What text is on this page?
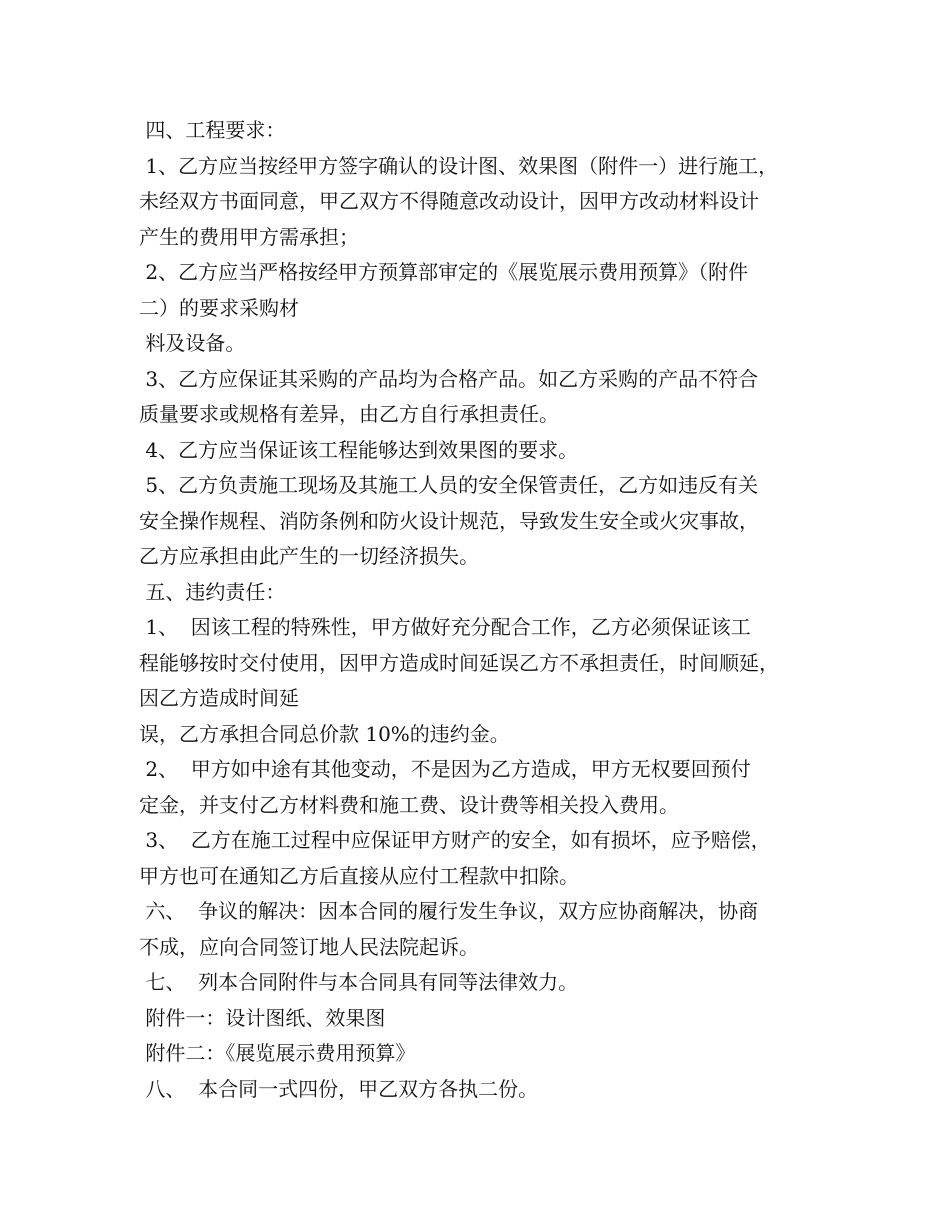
四、工程要求：
1、乙方应当按经甲方签字确认的设计图、效果图（附件一）进行施工，
未经双方书面同意，甲乙双方不得随意改动设计，因甲方改动材料设计
产生的费用甲方需承担；
2、乙方应当严格按经甲方预算部审定的《展览展示费用预算》（附件
二）的要求采购材
料及设备。
3、乙方应保证其采购的产品均为合格产品。如乙方采购的产品不符合
质量要求或规格有差异，由乙方自行承担责任。
4、乙方应当保证该工程能够达到效果图的要求。
5、乙方负责施工现场及其施工人员的安全保管责任，乙方如违反有关
安全操作规程、消防条例和防火设计规范，导致发生安全或火灾事故，
乙方应承担由此产生的一切经济损失。
五、违约责任：
1、  因该工程的特殊性，甲方做好充分配合工作，乙方必须保证该工
程能够按时交付使用，因甲方造成时间延误乙方不承担责任，时间顺延，
因乙方造成时间延
误，乙方承担合同总价款 10%的违约金。
2、  甲方如中途有其他变动，不是因为乙方造成，甲方无权要回预付
定金，并支付乙方材料费和施工费、设计费等相关投入费用。
3、  乙方在施工过程中应保证甲方财产的安全，如有损坏，应予赔偿，
甲方也可在通知乙方后直接从应付工程款中扣除。
六、  争议的解决：因本合同的履行发生争议，双方应协商解决，协商
不成，应向合同签订地人民法院起诉。
七、  列本合同附件与本合同具有同等法律效力。
附件一：设计图纸、效果图
附件二：《展览展示费用预算》
八、  本合同一式四份，甲乙双方各执二份。
